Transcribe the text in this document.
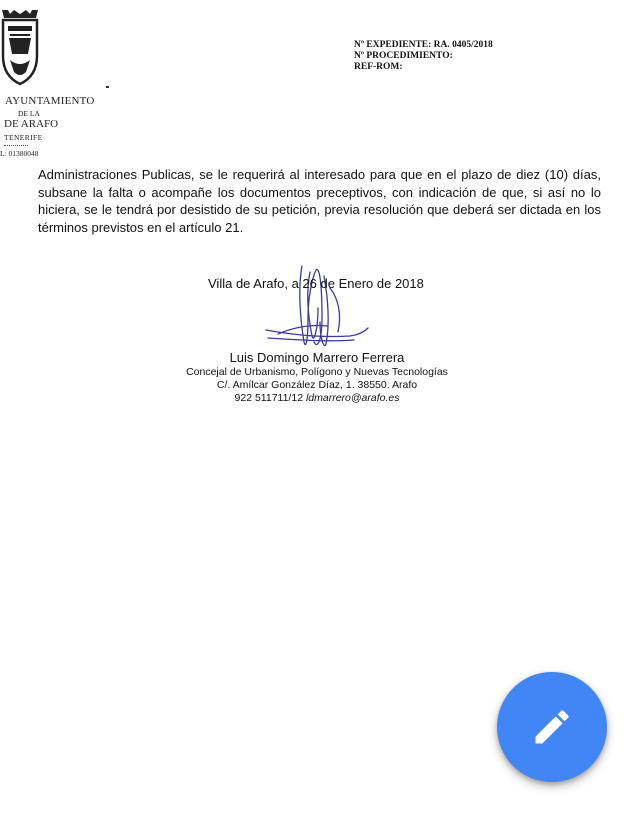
AYUNTAMIENTO
DE LA
DE ARAFO
TENERIFE
L: 01380048
Nº EXPEDIENTE: RA. 0405/2018
Nº PROCEDIMIENTO:
REF-ROM:
Administraciones Publicas, se le requerirá al interesado para que en el plazo de diez (10) días, subsane la falta o acompañe los documentos preceptivos, con indicación de que, si así no lo hiciera, se le tendrá por desistido de su petición, previa resolución que deberá ser dictada en los términos previstos en el artículo 21.
Villa de Arafo, a 26 de Enero de 2018
Luis Domingo Marrero Ferrera
Concejal de Urbanismo, Polígono y Nuevas Tecnologías
C/. Amílcar González Díaz, 1. 38550. Arafo
922 511711/12 ldmarrero@arafo.es
